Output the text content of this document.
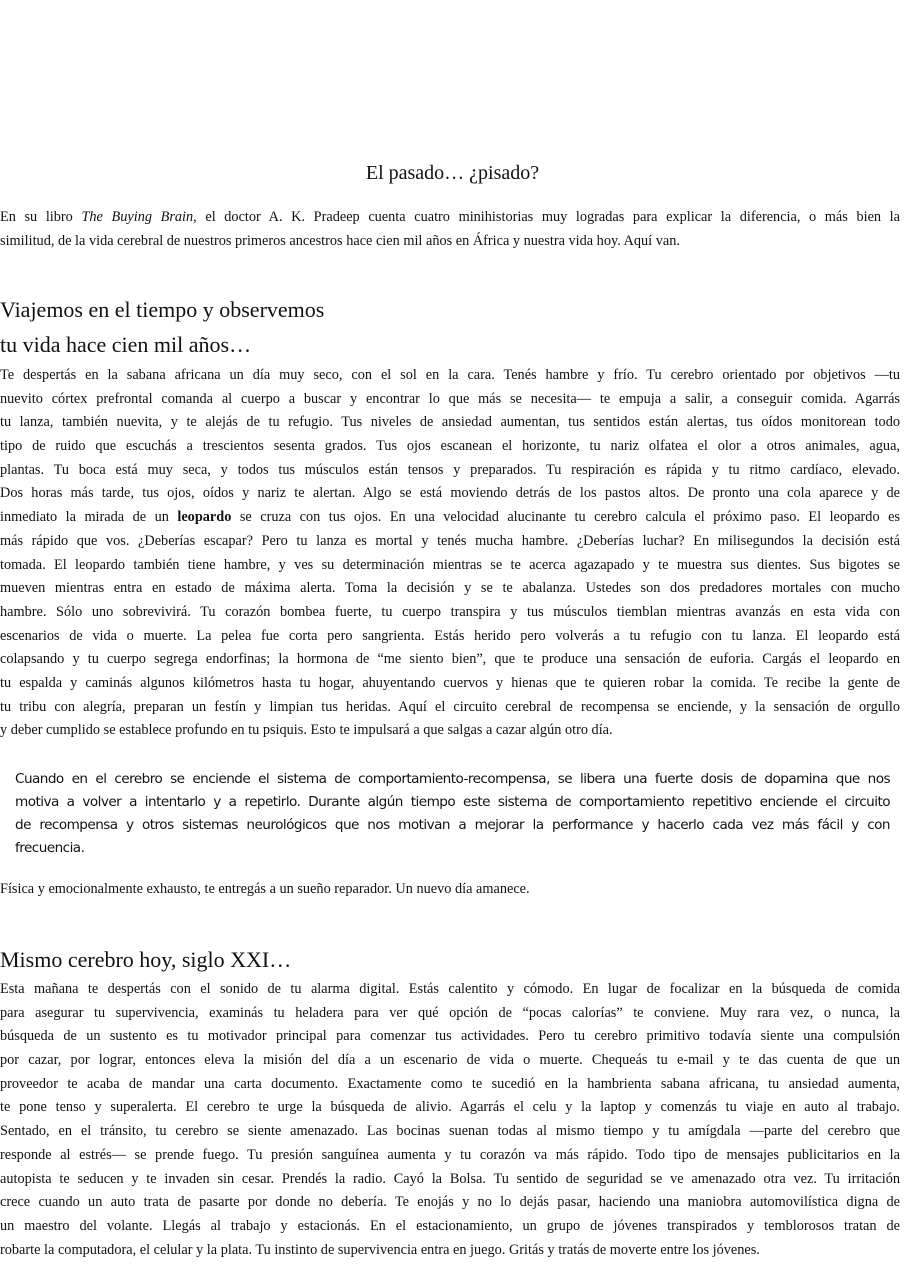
El pasado… ¿pisado?
En su libro The Buying Brain, el doctor A. K. Pradeep cuenta cuatro minihistorias muy logradas para explicar la diferencia, o más bien la
similitud, de la vida cerebral de nuestros primeros ancestros hace cien mil años en África y nuestra vida hoy. Aquí van.
Viajemos en el tiempo y observemos
tu vida hace cien mil años…
Te despertás en la sabana africana un día muy seco, con el sol en la cara. Tenés hambre y frío. Tu cerebro orientado por objetivos —tu
nuevito córtex prefrontal comanda al cuerpo a buscar y encontrar lo que más se necesita— te empuja a salir, a conseguir comida. Agarrás
tu lanza, también nuevita, y te alejás de tu refugio. Tus niveles de ansiedad aumentan, tus sentidos están alertas, tus oídos monitorean todo
tipo de ruido que escuchás a trescientos sesenta grados. Tus ojos escanean el horizonte, tu nariz olfatea el olor a otros animales, agua,
plantas. Tu boca está muy seca, y todos tus músculos están tensos y preparados. Tu respiración es rápida y tu ritmo cardíaco, elevado.
Dos horas más tarde, tus ojos, oídos y nariz te alertan. Algo se está moviendo detrás de los pastos altos. De pronto una cola aparece y de
inmediato la mirada de un leopardo se cruza con tus ojos. En una velocidad alucinante tu cerebro calcula el próximo paso. El leopardo es
más rápido que vos. ¿Deberías escapar? Pero tu lanza es mortal y tenés mucha hambre. ¿Deberías luchar? En milisegundos la decisión está
tomada. El leopardo también tiene hambre, y ves su determinación mientras se te acerca agazapado y te muestra sus dientes. Sus bigotes se
mueven mientras entra en estado de máxima alerta. Toma la decisión y se te abalanza. Ustedes son dos predadores mortales con mucho
hambre. Sólo uno sobrevivirá. Tu corazón bombea fuerte, tu cuerpo transpira y tus músculos tiemblan mientras avanzás en esta vida con
escenarios de vida o muerte. La pelea fue corta pero sangrienta. Estás herido pero volverás a tu refugio con tu lanza. El leopardo está
colapsando y tu cuerpo segrega endorfinas; la hormona de “me siento bien”, que te produce una sensación de euforia. Cargás el leopardo en
tu espalda y caminás algunos kilómetros hasta tu hogar, ahuyentando cuervos y hienas que te quieren robar la comida. Te recibe la gente de
tu tribu con alegría, preparan un festín y limpian tus heridas. Aquí el circuito cerebral de recompensa se enciende, y la sensación de orgullo
y deber cumplido se establece profundo en tu psiquis. Esto te impulsará a que salgas a cazar algún otro día.
Cuando en el cerebro se enciende el sistema de comportamiento-recompensa, se libera una fuerte dosis de dopamina que nos
motiva a volver a intentarlo y a repetirlo. Durante algún tiempo este sistema de comportamiento repetitivo enciende el circuito
de recompensa y otros sistemas neurológicos que nos motivan a mejorar la performance y hacerlo cada vez más fácil y con
frecuencia.
Física y emocionalmente exhausto, te entregás a un sueño reparador. Un nuevo día amanece.
Mismo cerebro hoy, siglo XXI…
Esta mañana te despertás con el sonido de tu alarma digital. Estás calentito y cómodo. En lugar de focalizar en la búsqueda de comida
para asegurar tu supervivencia, examinás tu heladera para ver qué opción de “pocas calorías” te conviene. Muy rara vez, o nunca, la
búsqueda de un sustento es tu motivador principal para comenzar tus actividades. Pero tu cerebro primitivo todavía siente una compulsión
por cazar, por lograr, entonces eleva la misión del día a un escenario de vida o muerte. Chequeás tu e-mail y te das cuenta de que un
proveedor te acaba de mandar una carta documento. Exactamente como te sucedió en la hambrienta sabana africana, tu ansiedad aumenta,
te pone tenso y superalerta. El cerebro te urge la búsqueda de alivio. Agarrás el celu y la laptop y comenzás tu viaje en auto al trabajo.
Sentado, en el tránsito, tu cerebro se siente amenazado. Las bocinas suenan todas al mismo tiempo y tu amígdala —parte del cerebro que
responde al estrés— se prende fuego. Tu presión sanguínea aumenta y tu corazón va más rápido. Todo tipo de mensajes publicitarios en la
autopista te seducen y te invaden sin cesar. Prendés la radio. Cayó la Bolsa. Tu sentido de seguridad se ve amenazado otra vez. Tu irritación
crece cuando un auto trata de pasarte por donde no debería. Te enojás y no lo dejás pasar, haciendo una maniobra automovilística digna de
un maestro del volante. Llegás al trabajo y estacionás. En el estacionamiento, un grupo de jóvenes transpirados y temblorosos tratan de
robarte la computadora, el celular y la plata. Tu instinto de supervivencia entra en juego. Gritás y tratás de moverte entre los jóvenes.
